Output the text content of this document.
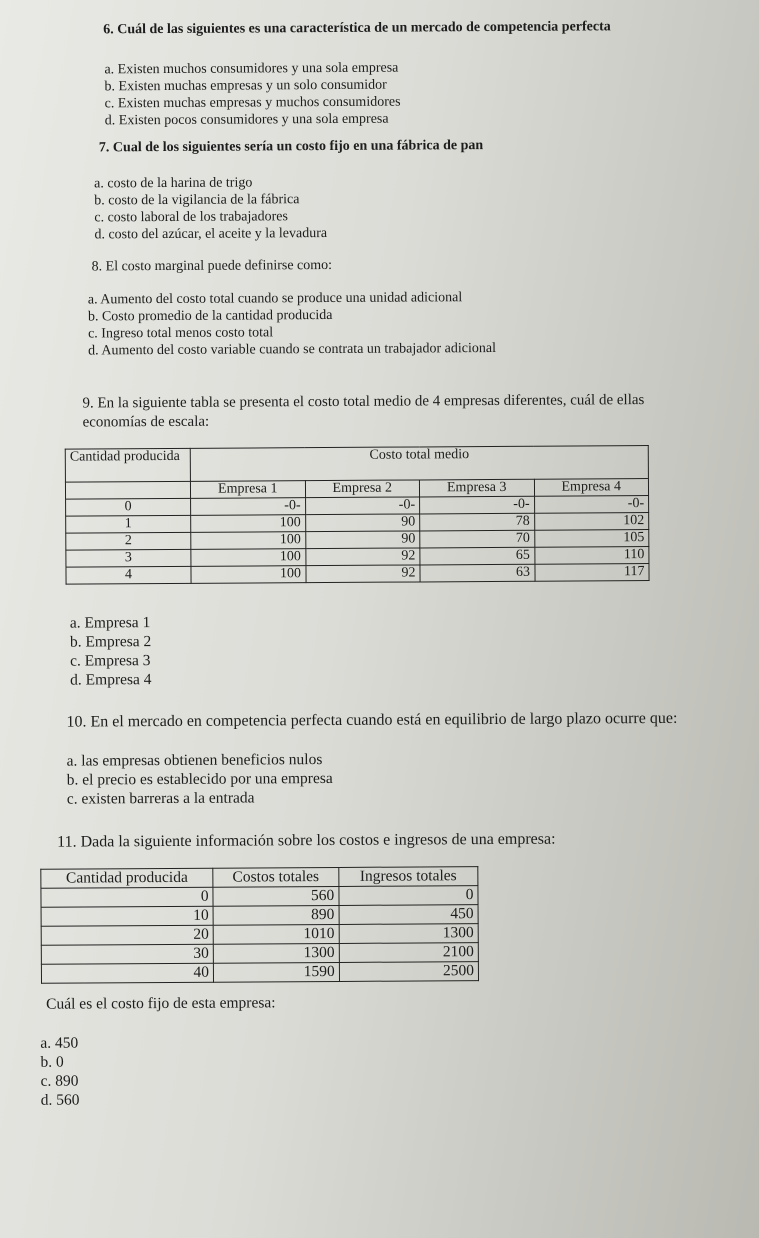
6. Cuál de las siguientes es una característica de un mercado de competencia perfecta
a. Existen muchos consumidores y una sola empresa
b. Existen muchas empresas y un solo consumidor
c. Existen muchas empresas y muchos consumidores
d. Existen pocos consumidores y una sola empresa
7. Cual de los siguientes sería un costo fijo en una fábrica de pan
a. costo de la harina de trigo
b. costo de la vigilancia de la fábrica
c. costo laboral de los trabajadores
d. costo del azúcar, el aceite y la levadura
8. El costo marginal puede definirse como:
a. Aumento del costo total cuando se produce una unidad adicional
b. Costo promedio de la cantidad producida
c. Ingreso total menos costo total
d. Aumento del costo variable cuando se contrata un trabajador adicional
9. En la siguiente tabla se presenta el costo total medio de 4 empresas diferentes, cuál de ellas
economías de escala:
Cantidad producida	Costo total medio			
	Empresa 1	Empresa 2	Empresa 3	Empresa 4
0	-0-	-0-	-0-	-0-
1	100	90	78	102
2	100	90	70	105
3	100	92	65	110
4	100	92	63	117
a. Empresa 1
b. Empresa 2
c. Empresa 3
d. Empresa 4
10. En el mercado en competencia perfecta cuando está en equilibrio de largo plazo ocurre que:
a. las empresas obtienen beneficios nulos
b. el precio es establecido por una empresa
c. existen barreras a la entrada
11. Dada la siguiente información sobre los costos e ingresos de una empresa:
Cantidad producida	Costos totales	Ingresos totales
0	560	0
10	890	450
20	1010	1300
30	1300	2100
40	1590	2500
Cuál es el costo fijo de esta empresa:
a. 450
b. 0
c. 890
d. 560
